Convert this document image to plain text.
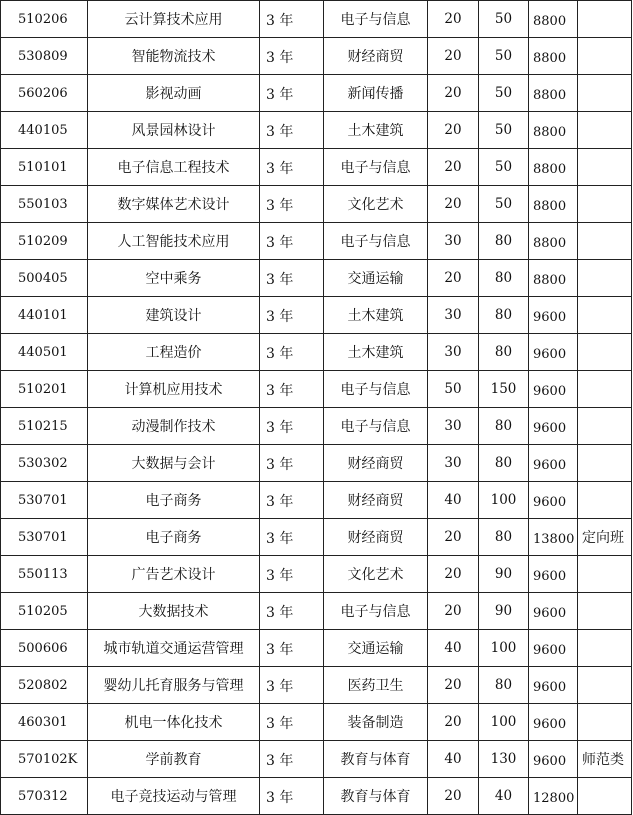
510206	云计算技术应用	3 年	电子与信息	20	50	8800	
530809	智能物流技术	3 年	财经商贸	20	50	8800	
560206	影视动画	3 年	新闻传播	20	50	8800	
440105	风景园林设计	3 年	土木建筑	20	50	8800	
510101	电子信息工程技术	3 年	电子与信息	20	50	8800	
550103	数字媒体艺术设计	3 年	文化艺术	20	50	8800	
510209	人工智能技术应用	3 年	电子与信息	30	80	8800	
500405	空中乘务	3 年	交通运输	20	80	8800	
440101	建筑设计	3 年	土木建筑	30	80	9600	
440501	工程造价	3 年	土木建筑	30	80	9600	
510201	计算机应用技术	3 年	电子与信息	50	150	9600	
510215	动漫制作技术	3 年	电子与信息	30	80	9600	
530302	大数据与会计	3 年	财经商贸	30	80	9600	
530701	电子商务	3 年	财经商贸	40	100	9600	
530701	电子商务	3 年	财经商贸	20	80	13800	定向班
550113	广告艺术设计	3 年	文化艺术	20	90	9600	
510205	大数据技术	3 年	电子与信息	20	90	9600	
500606	城市轨道交通运营管理	3 年	交通运输	40	100	9600	
520802	婴幼儿托育服务与管理	3 年	医药卫生	20	80	9600	
460301	机电一体化技术	3 年	装备制造	20	100	9600	
570102K	学前教育	3 年	教育与体育	40	130	9600	师范类
570312	电子竞技运动与管理	3 年	教育与体育	20	40	12800	
